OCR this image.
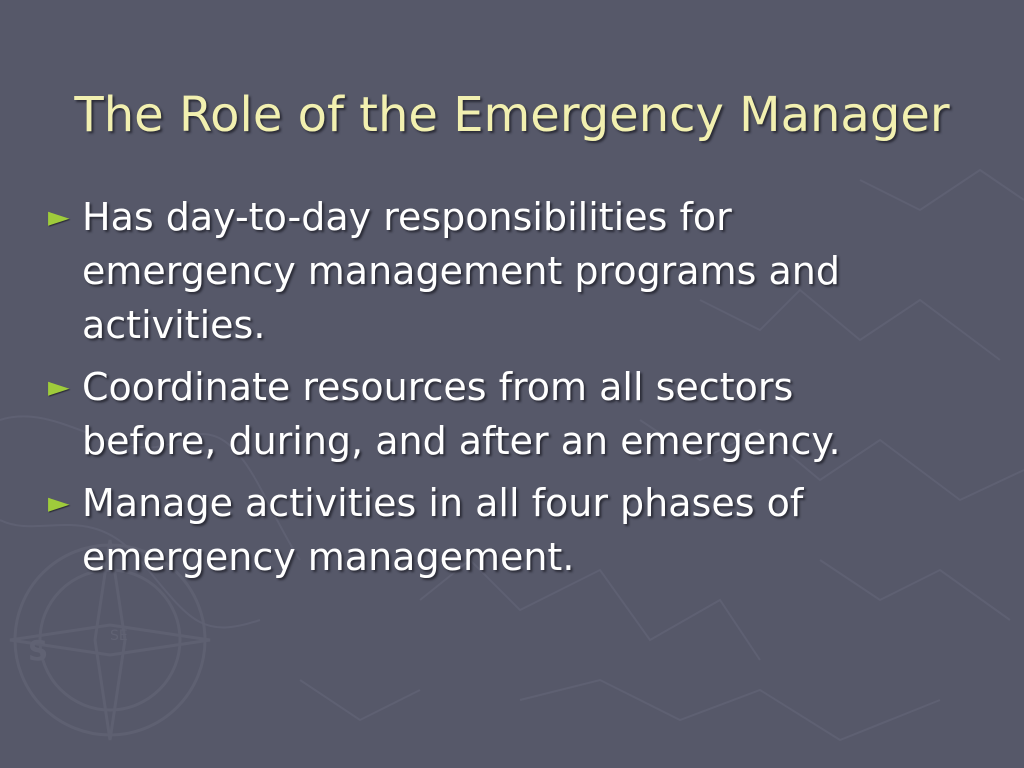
S	SE
The Role of the Emergency Manager
► Has day-to-day responsibilities for emergency management programs and activities.
► Coordinate resources from all sectors before, during, and after an emergency.
► Manage activities in all four phases of emergency management.
